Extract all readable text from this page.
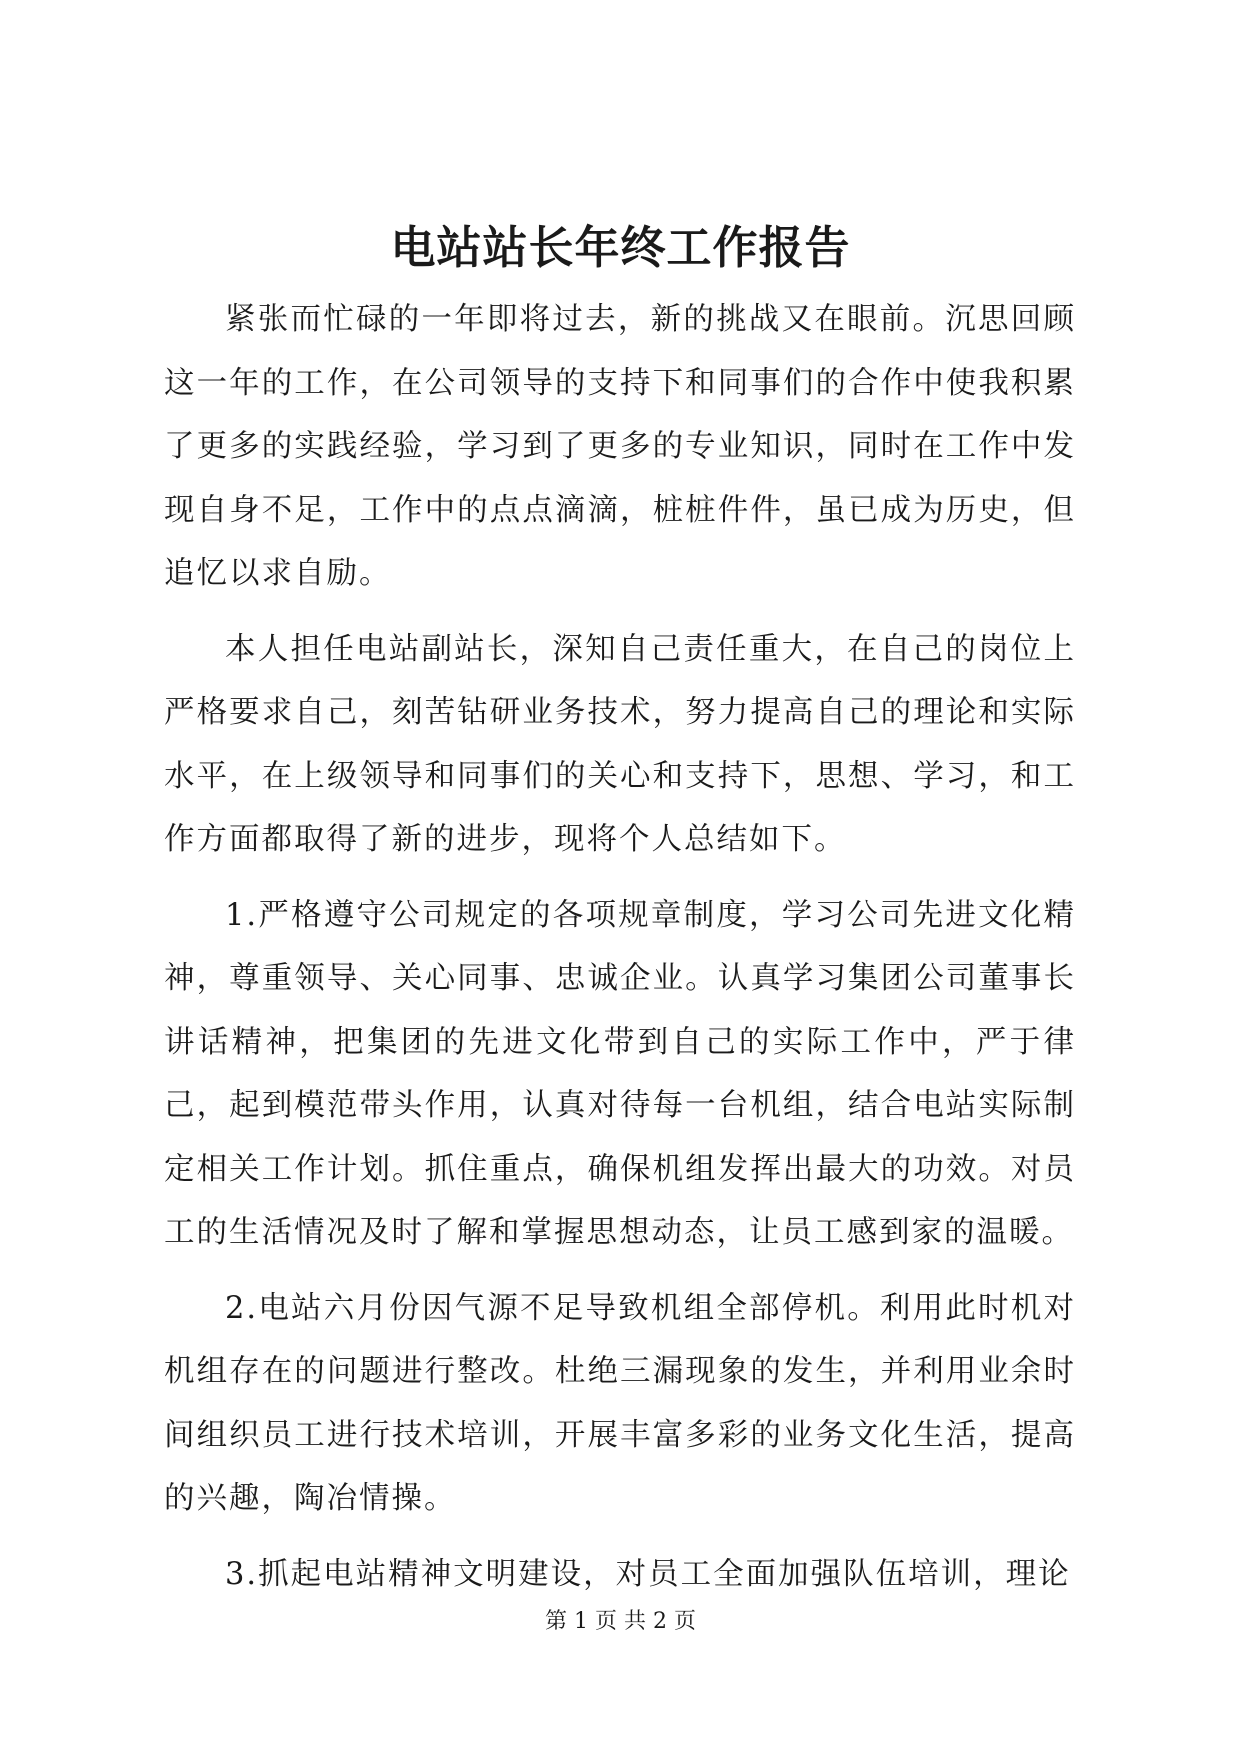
电站站长年终工作报告

紧张而忙碌的一年即将过去，新的挑战又在眼前。沉思回顾这一年的工作，在公司领导的支持下和同事们的合作中使我积累了更多的实践经验，学习到了更多的专业知识，同时在工作中发现自身不足，工作中的点点滴滴，桩桩件件，虽已成为历史，但追忆以求自励。

本人担任电站副站长，深知自己责任重大，在自己的岗位上严格要求自己，刻苦钻研业务技术，努力提高自己的理论和实际水平，在上级领导和同事们的关心和支持下，思想、学习，和工作方面都取得了新的进步，现将个人总结如下。

1.严格遵守公司规定的各项规章制度，学习公司先进文化精神，尊重领导、关心同事、忠诚企业。认真学习集团公司董事长讲话精神，把集团的先进文化带到自己的实际工作中，严于律己，起到模范带头作用，认真对待每一台机组，结合电站实际制定相关工作计划。抓住重点，确保机组发挥出最大的功效。对员工的生活情况及时了解和掌握思想动态，让员工感到家的温暖。

2.电站六月份因气源不足导致机组全部停机。利用此时机对机组存在的问题进行整改。杜绝三漏现象的发生，并利用业余时间组织员工进行技术培训，开展丰富多彩的业务文化生活，提高的兴趣，陶冶情操。

3.抓起电站精神文明建设，对员工全面加强队伍培训，理论

第 1 页 共 2 页
